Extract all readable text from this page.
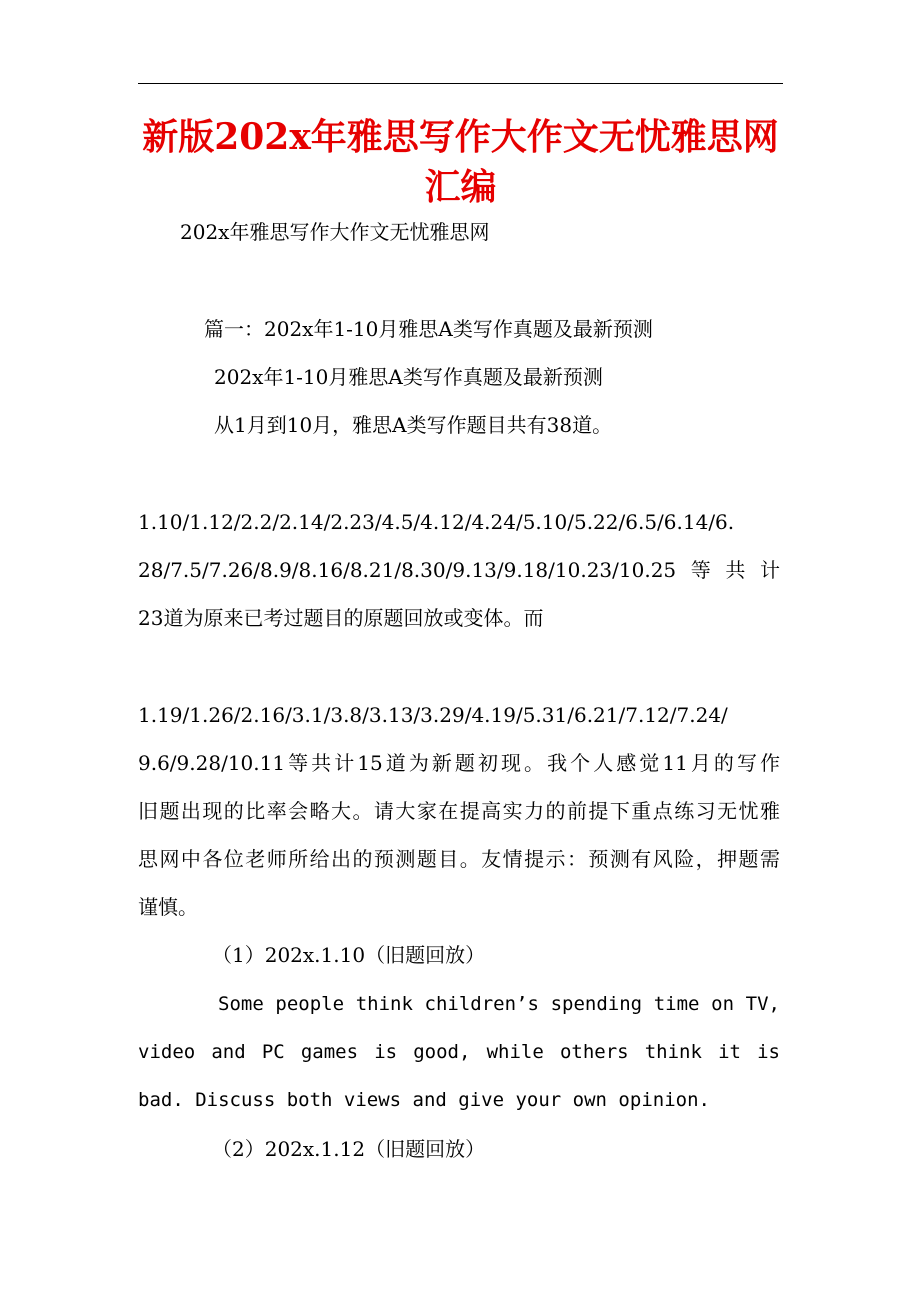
新版202x年雅思写作大作文无忧雅思网汇编

202x年雅思写作大作文无忧雅思网

篇一：202x年1-10月雅思A类写作真题及最新预测

202x年1-10月雅思A类写作真题及最新预测

从1月到10月，雅思A类写作题目共有38道。

1.10/1.12/2.2/2.14/2.23/4.5/4.12/4.24/5.10/5.22/6.5/6.14/6.

28/7.5/7.26/8.9/8.16/8.21/8.30/9.13/9.18/10.23/10.25等共计

23道为原来已考过题目的原题回放或变体。而

1.19/1.26/2.16/3.1/3.8/3.13/3.29/4.19/5.31/6.21/7.12/7.24/

9.6/9.28/10.11等共计15道为新题初现。我个人感觉11月的写作

旧题出现的比率会略大。请大家在提高实力的前提下重点练习无忧雅

思网中各位老师所给出的预测题目。友情提示：预测有风险，押题需

谨慎。

（1）202x.1.10（旧题回放）

Some people think children’s spending time on TV, video and PC games is good, while others think it is bad. Discuss both views and give your own opinion.

（2）202x.1.12（旧题回放）
